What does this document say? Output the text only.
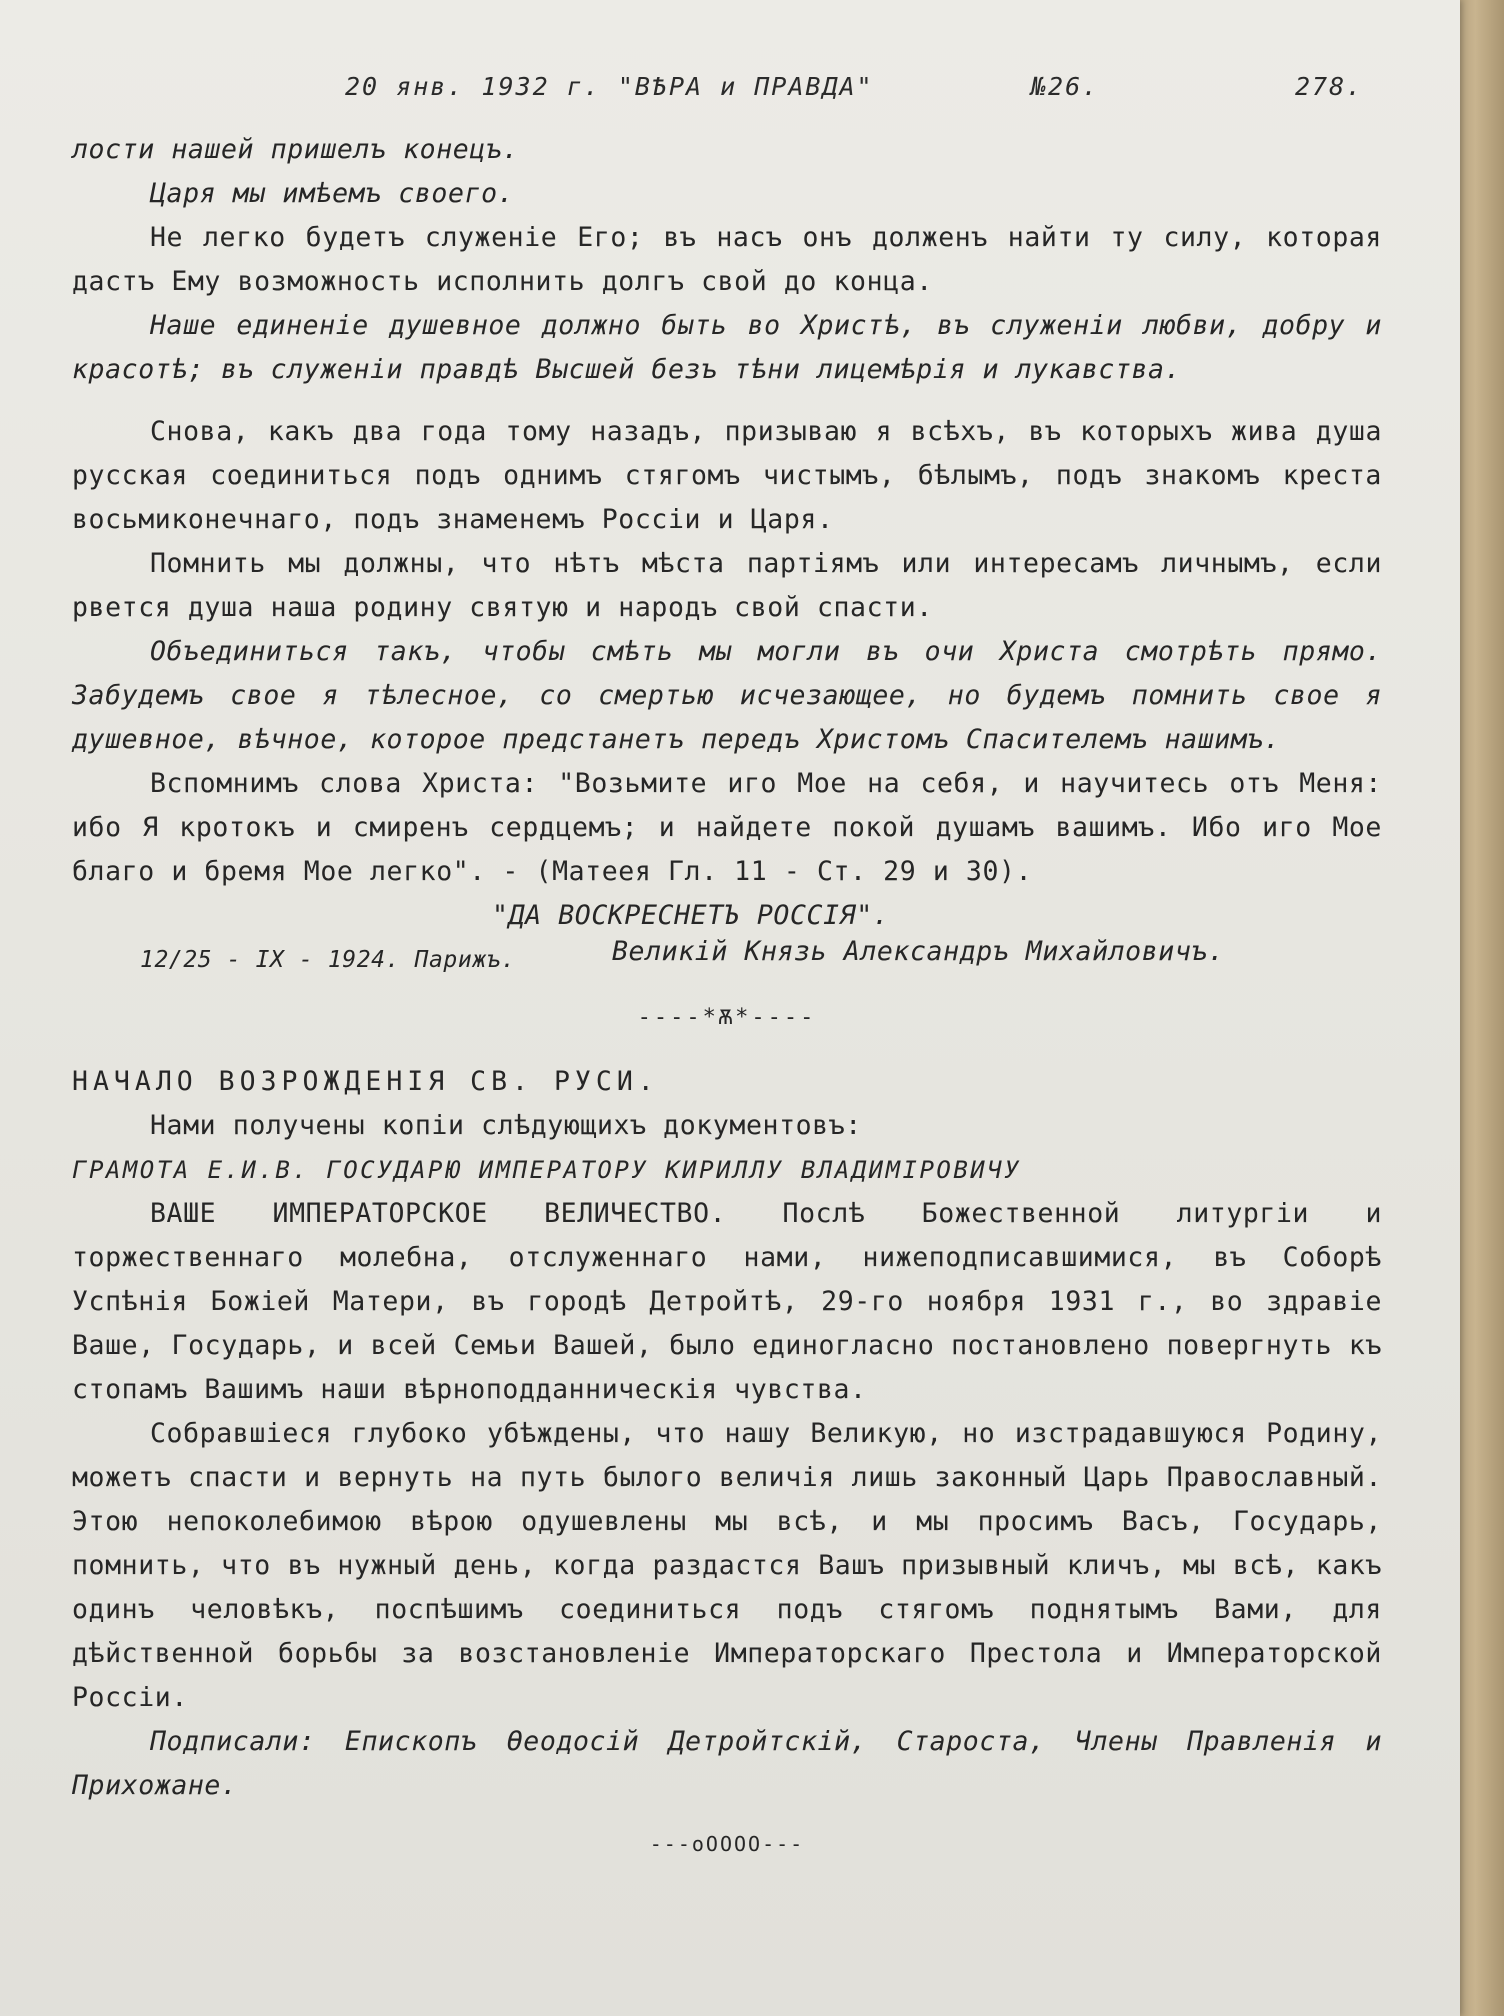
20 янв. 1932 г. "ВѢРА и ПРАВДА"	№26.	278.

лости нашей пришелъ конецъ.

Царя мы имѣемъ своего.

Не легко будетъ служеніе Его; въ насъ онъ долженъ найти ту силу, которая дастъ Ему возможность исполнить долгъ свой до конца.

Наше единеніе душевное должно быть во Христѣ, въ служеніи любви, добру и красотѣ; въ служеніи правдѣ Высшей безъ тѣни лицемѣрія и лукавства.

Снова, какъ два года тому назадъ, призываю я всѣхъ, въ которыхъ жива душа русская соединиться подъ однимъ стягомъ чистымъ, бѣлымъ, подъ знакомъ креста восьмиконечнаго, подъ знаменемъ Россіи и Царя.

Помнить мы должны, что нѣтъ мѣста партіямъ или интересамъ личнымъ, если рвется душа наша родину святую и народъ свой спасти.

Объединиться такъ, чтобы смѣть мы могли въ очи Христа смотрѣть прямо. Забудемъ свое я тѣлесное, со смертью исчезающее, но будемъ помнить свое я душевное, вѣчное, которое предстанетъ передъ Христомъ Спасителемъ нашимъ.

Вспомнимъ слова Христа: "Возьмите иго Мое на себя, и научитесь отъ Меня: ибо Я кротокъ и смиренъ сердцемъ; и найдете покой душамъ вашимъ. Ибо иго Мое благо и бремя Мое легко". - (Матеея Гл. 11 - Ст. 29 и 30).

"ДА ВОСКРЕСНЕТЪ РОССІЯ".

Великій Князь Александръ Михайловичъ.
12/25 - IX - 1924. Парижъ.
----*Ѫ*----

НАЧАЛО ВОЗРОЖДЕНІЯ СВ. РУСИ.

Нами получены копіи слѣдующихъ документовъ:

ГРАМОТА Е.И.В. ГОСУДАРЮ ИМПЕРАТОРУ КИРИЛЛУ ВЛАДИМІРОВИЧУ

ВАШЕ ИМПЕРАТОРСКОЕ ВЕЛИЧЕСТВО. Послѣ Божественной литургіи и торжественнаго молебна, отслуженнаго нами, нижеподписавшимися, въ Соборѣ Успѣнія Божіей Матери, въ городѣ Детройтѣ, 29-го ноября 1931 г., во здравіе Вашe, Государь, и всей Семьи Вашей, было единогласно постановлено повергнуть къ стопамъ Вашимъ наши вѣрноподданническія чувства.

Собравшіеся глубоко убѣждены, что нашу Великую, но изстрадавшуюся Родину, можетъ спасти и вернуть на путь былого величія лишь законный Царь Православный. Этою непоколебимою вѣрою одушевлены мы всѣ, и мы просимъ Васъ, Государь, помнить, что въ нужный день, когда раздастся Вашъ призывный кличъ, мы всѣ, какъ одинъ человѣкъ, поспѣшимъ соединиться подъ стягомъ поднятымъ Вами, для дѣйственной борьбы за возстановленіе Императорскаго Престола и Императорской Россіи.

Подписали: Епископъ Өеодосій Детройтскій, Староста, Члены Правленія и Прихожане.

---оОООО---
